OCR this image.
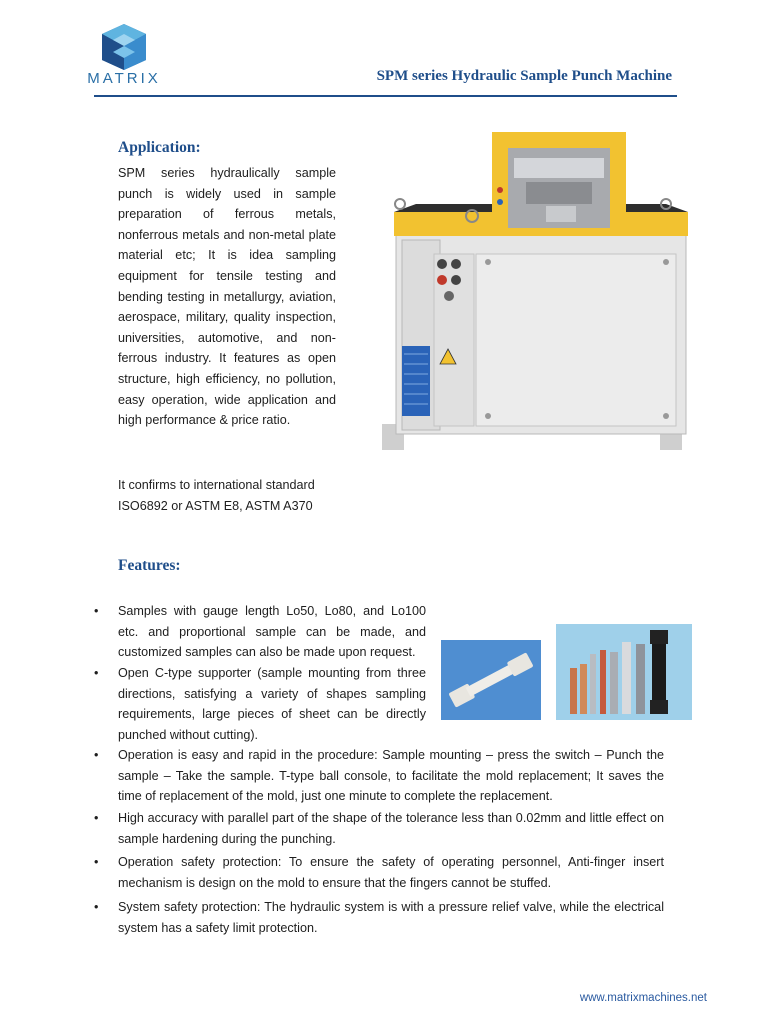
MATRIX	SPM series Hydraulic Sample Punch Machine
Application:

SPM series hydraulically sample punch is widely used in sample preparation of ferrous metals, nonferrous metals and non-metal plate material etc; It is idea sampling equipment for tensile testing and bending testing in metallurgy, aviation, aerospace, military, quality inspection, universities, automotive, and non-ferrous industry. It features as open structure, high efficiency, no pollution, easy operation, wide application and high performance & price ratio.

It confirms to international standard ISO6892 or ASTM E8, ASTM A370

Features:
• Samples with gauge length Lo50, Lo80, and Lo100 etc. and proportional sample can be made, and customized samples can also be made upon request.
• Open C-type supporter (sample mounting from three directions, satisfying a variety of shapes sampling requirements, large pieces of sheet can be directly punched without cutting).
• Operation is easy and rapid in the procedure: Sample mounting – press the switch – Punch the sample – Take the sample. T-type ball console, to facilitate the mold replacement; It saves the time of replacement of the mold, just one minute to complete the replacement.
• High accuracy with parallel part of the shape of the tolerance less than 0.02mm and little effect on sample hardening during the punching.
• Operation safety protection: To ensure the safety of operating personnel, Anti-finger insert mechanism is design on the mold to ensure that the fingers cannot be stuffed.
• System safety protection: The hydraulic system is with a pressure relief valve, while the electrical system has a safety limit protection.
www.matrixmachines.net
